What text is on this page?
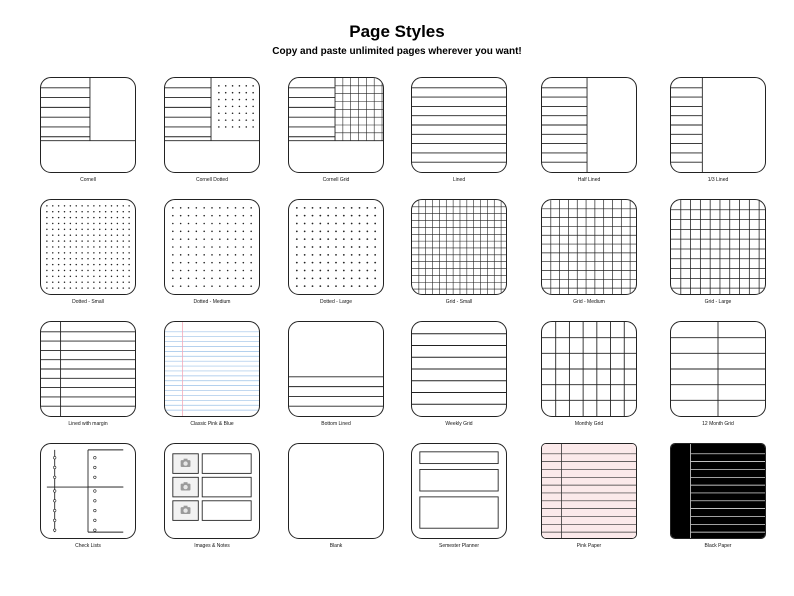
Page Styles
Copy and paste unlimited pages wherever you want!
Cornell	Cornell Dotted	Cornell Grid	Lined	Half Lined	1/3 Lined
Dotted - Small	Dotted - Medium	Dotted - Large	Grid - Small	Grid - Medium	Grid - Large
Lined with margin	Classic Pink & Blue	Bottom Lined	Weekly Grid	Monthly Grid	12 Month Grid
Check Lists	Images & Notes	Blank	Semester Planner	Pink Paper	Black Paper
